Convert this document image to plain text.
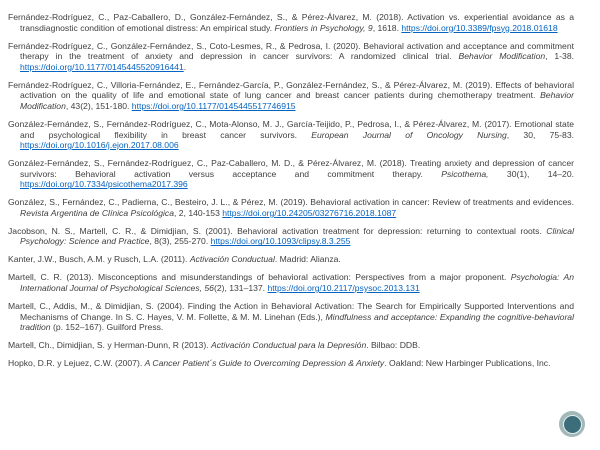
Fernández-Rodríguez, C., Paz-Caballero, D., González-Fernández, S., & Pérez-Álvarez, M. (2018). Activation vs. experiential avoidance as a transdiagnostic condition of emotional distress: An empirical study. Frontiers in Psychology, 9, 1618. https://doi.org/10.3389/fpsyg.2018.01618

Fernández-Rodríguez, C., González-Fernández, S., Coto-Lesmes, R., & Pedrosa, I. (2020). Behavioral activation and acceptance and commitment therapy in the treatment of anxiety and depression in cancer survivors: A randomized clinical trial. Behavior Modification, 1-38. https://doi.org/10.1177/0145445520916441.

Fernández-Rodríguez, C., Villoria-Fernández, E., Fernández-García, P., González-Fernández, S., & Pérez-Álvarez, M. (2019). Effects of behavioral activation on the quality of life and emotional state of lung cancer and breast cancer patients during chemotherapy treatment. Behavior Modification, 43(2), 151-180. https://doi.org/10.1177/0145445517746915

González-Fernández, S., Fernández-Rodríguez, C., Mota-Alonso, M. J., García-Teijido, P., Pedrosa, I., & Pérez-Álvarez, M. (2017). Emotional state and psychological flexibility in breast cancer survivors. European Journal of Oncology Nursing, 30, 75-83. https://doi.org/10.1016/j.ejon.2017.08.006

González-Fernández, S., Fernández-Rodríguez, C., Paz-Caballero, M. D., & Pérez-Álvarez, M. (2018). Treating anxiety and depression of cancer survivors: Behavioral activation versus acceptance and commitment therapy. Psicothema, 30(1), 14–20. https://doi.org/10.7334/psicothema2017.396

González, S., Fernández, C., Padierna, C., Besteiro, J. L., & Pérez, M. (2019). Behavioral activation in cancer: Review of treatments and evidences. Revista Argentina de Clínica Psicológica, 2, 140-153 https://doi.org/10.24205/03276716.2018.1087

Jacobson, N. S., Martell, C. R., & Dimidjian, S. (2001). Behavioral activation treatment for depression: returning to contextual roots. Clinical Psychology: Science and Practice, 8(3), 255-270. https://doi.org/10.1093/clipsy.8.3.255

Kanter, J.W., Busch, A.M. y Rusch, L.A. (2011). Activación Conductual. Madrid: Alianza.

Martell, C. R. (2013). Misconceptions and misunderstandings of behavioral activation: Perspectives from a major proponent. Psychologia: An International Journal of Psychological Sciences, 56(2), 131–137. https://doi.org/10.2117/psysoc.2013.131

Martell, C., Addis, M., & Dimidjian, S. (2004). Finding the Action in Behavioral Activation: The Search for Empirically Supported Interventions and Mechanisms of Change. In S. C. Hayes, V. M. Follette, & M. M. Linehan (Eds.), Mindfulness and acceptance: Expanding the cognitive-behavioral tradition (p. 152–167). Guilford Press.

Martell, Ch., Dimidjian, S. y Herman-Dunn, R (2013). Activación Conductual para la Depresión. Bilbao: DDB.

Hopko, D.R. y Lejuez, C.W. (2007). A Cancer Patient´s Guide to Overcoming Depression & Anxiety. Oakland: New Harbinger Publications, Inc.
